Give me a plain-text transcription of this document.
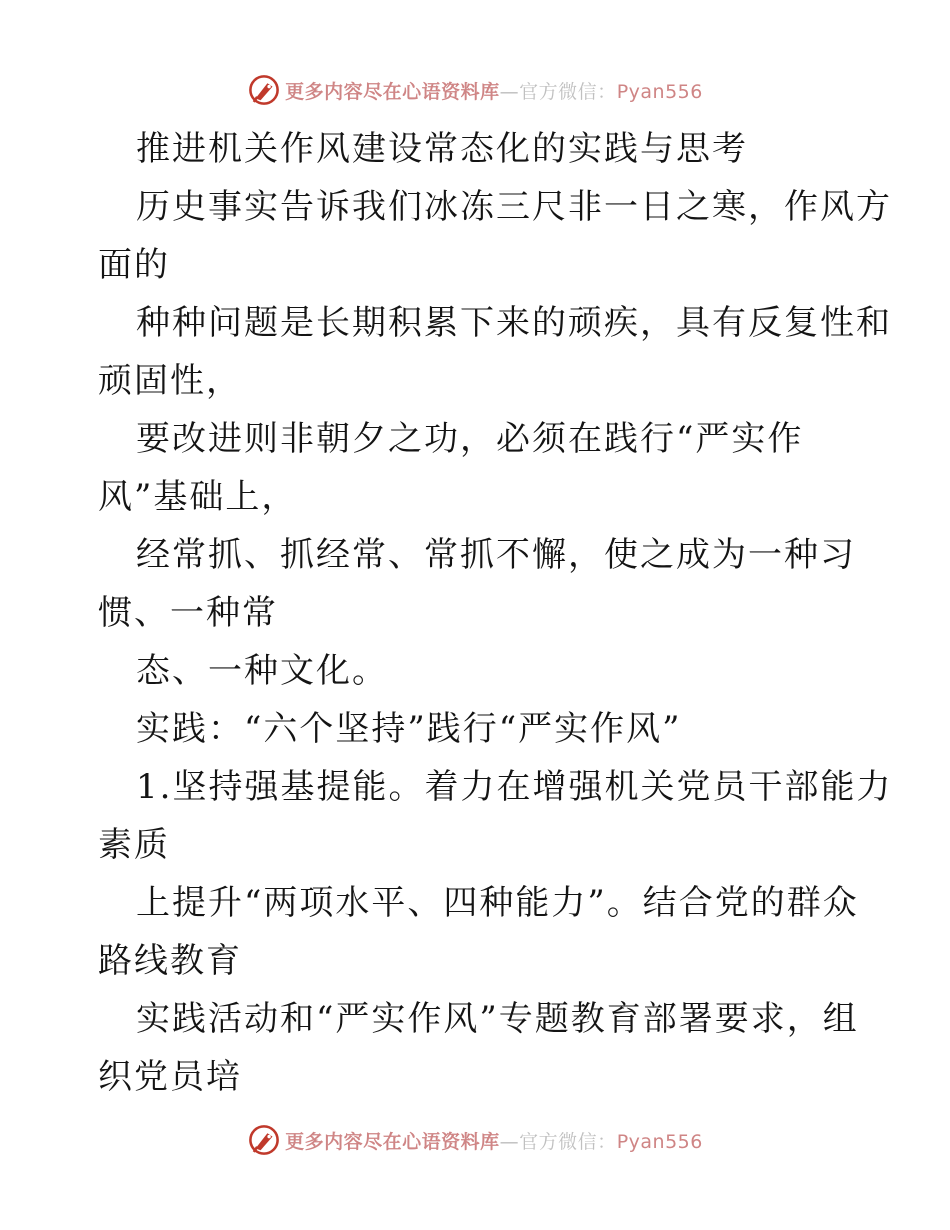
更多内容尽在心语资料库—官方微信：Pyan556
推进机关作风建设常态化的实践与思考
历史事实告诉我们冰冻三尺非一日之寒，作风方
面的
种种问题是长期积累下来的顽疾，具有反复性和
顽固性，
要改进则非朝夕之功，必须在践行“严实作
风”基础上，
经常抓、抓经常、常抓不懈，使之成为一种习
惯、一种常
态、一种文化。
实践：“六个坚持”践行“严实作风”
1.坚持强基提能。着力在增强机关党员干部能力
素质
上提升“两项水平、四种能力”。结合党的群众
路线教育
实践活动和“严实作风”专题教育部署要求，组
织党员培
更多内容尽在心语资料库—官方微信：Pyan556
